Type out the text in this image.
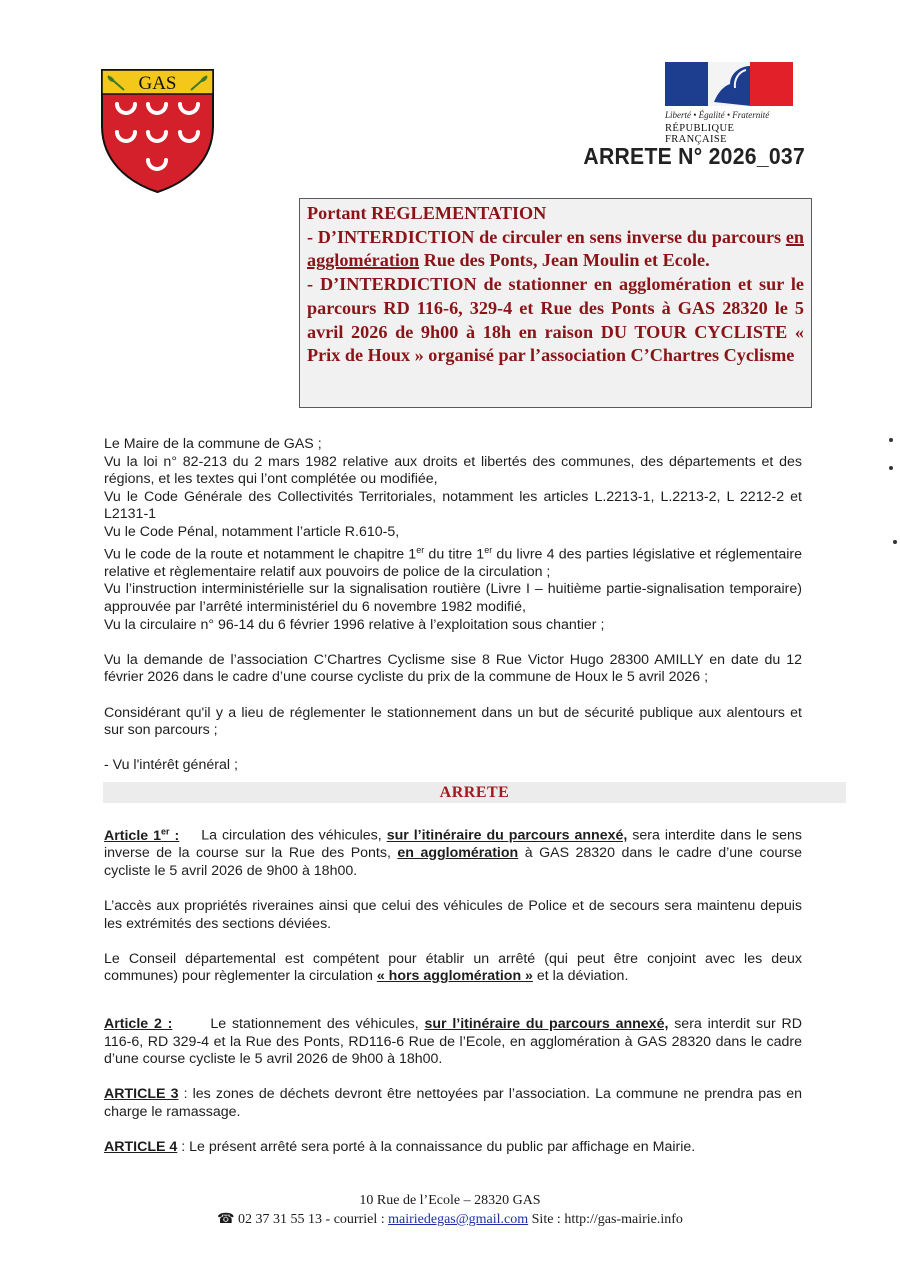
GAS
Liberté • Égalité • Fraternité
RÉPUBLIQUE FRANÇAISE
ARRETE N° 2026_037

Portant REGLEMENTATION

- D’INTERDICTION de circuler en sens inverse du parcours en agglomération Rue des Ponts, Jean Moulin et Ecole.

- D’INTERDICTION de stationner en agglomération et sur le parcours RD 116-6, 329-4 et Rue des Ponts à GAS 28320 le 5 avril 2026 de 9h00 à 18h en raison DU TOUR CYCLISTE « Prix de Houx » organisé par l’association C’Chartres Cyclisme

Le Maire de la commune de GAS ;

Vu la loi n° 82-213 du 2 mars 1982 relative aux droits et libertés des communes, des départements et des régions, et les textes qui l’ont complétée ou modifiée,

Vu le Code Générale des Collectivités Territoriales, notamment les articles L.2213-1, L.2213-2, L 2212-2 et L2131-1

Vu le Code Pénal, notamment l’article R.610-5,

Vu le code de la route et notamment le chapitre 1er du titre 1er du livre 4 des parties législative et réglementaire relative et règlementaire relatif aux pouvoirs de police de la circulation ;

Vu l’instruction interministérielle sur la signalisation routière (Livre I – huitième partie-signalisation temporaire) approuvée par l’arrêté interministériel du 6 novembre 1982 modifié,

Vu la circulaire n° 96-14 du 6 février 1996 relative à l’exploitation sous chantier ;

Vu la demande de l’association C’Chartres Cyclisme sise 8 Rue Victor Hugo 28300 AMILLY en date du 12 février 2026 dans le cadre d’une course cycliste du prix de la commune de Houx le 5 avril 2026 ;

Considérant qu'il y a lieu de réglementer le stationnement dans un but de sécurité publique aux alentours et sur son parcours ;

- Vu l'intérêt général ;

ARRETE

Article 1er : La circulation des véhicules, sur l’itinéraire du parcours annexé, sera interdite dans le sens inverse de la course sur la Rue des Ponts, en agglomération à GAS 28320 dans le cadre d’une course cycliste le 5 avril 2026 de 9h00 à 18h00.

L’accès aux propriétés riveraines ainsi que celui des véhicules de Police et de secours sera maintenu depuis les extrémités des sections déviées.

Le Conseil départemental est compétent pour établir un arrêté (qui peut être conjoint avec les deux communes) pour règlementer la circulation « hors agglomération » et la déviation.

Article 2 :	Le stationnement des véhicules, sur l’itinéraire du parcours annexé, sera interdit sur RD 116-6, RD 329-4 et la Rue des Ponts, RD116-6 Rue de l’Ecole, en agglomération à GAS 28320 dans le cadre d’une course cycliste le 5 avril 2026 de 9h00 à 18h00.

ARTICLE 3 : les zones de déchets devront être nettoyées par l’association. La commune ne prendra pas en charge le ramassage.

ARTICLE 4 : Le présent arrêté sera porté à la connaissance du public par affichage en Mairie.

10 Rue de l’Ecole – 28320 GAS
☎ 02 37 31 55 13 - courriel : mairiedegas@gmail.com Site : http://gas-mairie.info
